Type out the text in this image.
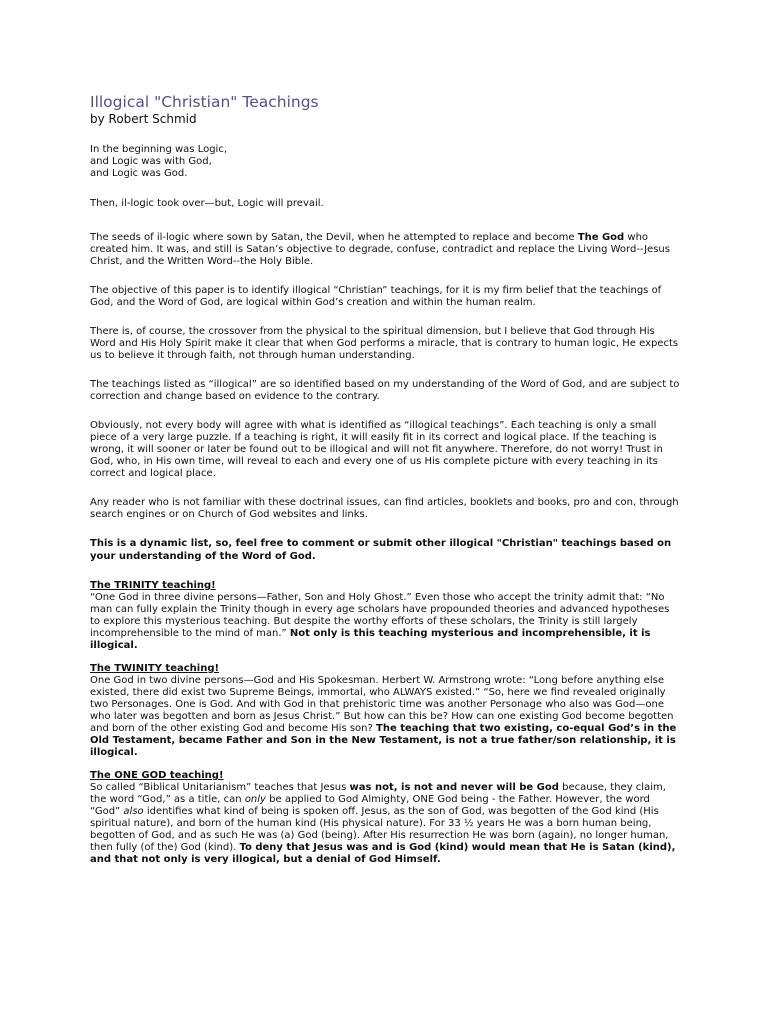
Illogical "Christian" Teachings
by Robert Schmid

In the beginning was Logic,
and Logic was with God,
and Logic was God.

Then, il-logic took over—but, Logic will prevail.

The seeds of il-logic where sown by Satan, the Devil, when he attempted to replace and become The God who created him. It was, and still is Satan’s objective to degrade, confuse, contradict and replace the Living Word--Jesus Christ, and the Written Word--the Holy Bible.

The objective of this paper is to identify illogical “Christian” teachings, for it is my firm belief that the teachings of God, and the Word of God, are logical within God’s creation and within the human realm.

There is, of course, the crossover from the physical to the spiritual dimension, but I believe that God through His Word and His Holy Spirit make it clear that when God performs a miracle, that is contrary to human logic, He expects us to believe it through faith, not through human understanding.

The teachings listed as “illogical” are so identified based on my understanding of the Word of God, and are subject to correction and change based on evidence to the contrary.

Obviously, not every body will agree with what is identified as “illogical teachings”. Each teaching is only a small piece of a very large puzzle. If a teaching is right, it will easily fit in its correct and logical place. If the teaching is wrong, it will sooner or later be found out to be illogical and will not fit anywhere. Therefore, do not worry! Trust in God, who, in His own time, will reveal to each and every one of us His complete picture with every teaching in its correct and logical place.

Any reader who is not familiar with these doctrinal issues, can find articles, booklets and books, pro and con, through search engines or on Church of God websites and links.

This is a dynamic list, so, feel free to comment or submit other illogical "Christian" teachings based on your understanding of the Word of God.

The TRINITY teaching!
“One God in three divine persons—Father, Son and Holy Ghost.” Even those who accept the trinity admit that: “No man can fully explain the Trinity though in every age scholars have propounded theories and advanced hypotheses to explore this mysterious teaching. But despite the worthy efforts of these scholars, the Trinity is still largely incomprehensible to the mind of man.” Not only is this teaching mysterious and incomprehensible, it is illogical.
The TWINITY teaching!
One God in two divine persons—God and His Spokesman. Herbert W. Armstrong wrote: “Long before anything else existed, there did exist two Supreme Beings, immortal, who ALWAYS existed.” “So, here we find revealed originally two Personages. One is God. And with God in that prehistoric time was another Personage who also was God—one who later was begotten and born as Jesus Christ.” But how can this be? How can one existing God become begotten and born of the other existing God and become His son? The teaching that two existing, co-equal God’s in the Old Testament, became Father and Son in the New Testament, is not a true father/son relationship, it is illogical.
The ONE GOD teaching!
So called “Biblical Unitarianism” teaches that Jesus was not, is not and never will be God because, they claim, the word “God,” as a title, can only be applied to God Almighty, ONE God being - the Father. However, the word “God” also identifies what kind of being is spoken off. Jesus, as the son of God, was begotten of the God kind (His spiritual nature), and born of the human kind (His physical nature). For 33 ½ years He was a born human being, begotten of God, and as such He was (a) God (being). After His resurrection He was born (again), no longer human, then fully (of the) God (kind). To deny that Jesus was and is God (kind) would mean that He is Satan (kind), and that not only is very illogical, but a denial of God Himself.
